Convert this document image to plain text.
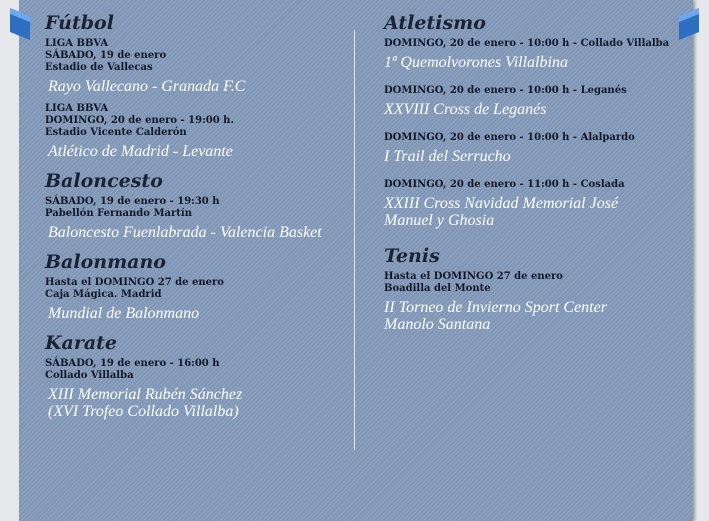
Fútbol
LIGA BBVA
SÁBADO, 19 de enero
Estadio de Vallecas
Rayo Vallecano - Granada F.C
LIGA BBVA
DOMINGO, 20 de enero - 19:00 h.
Estadio Vicente Calderón
Atlético de Madrid - Levante
Baloncesto
SÁBADO, 19 de enero - 19:30 h
Pabellón Fernando Martín
Baloncesto Fuenlabrada - Valencia Basket
Balonmano
Hasta el DOMINGO 27 de enero
Caja Mágica. Madrid
Mundial de Balonmano
Karate
SÁBADO, 19 de enero - 16:00 h
Collado Villalba
XIII Memorial Rubén Sánchez
(XVI Trofeo Collado Villalba)
Atletismo
DOMINGO, 20 de enero - 10:00 h - Collado Villalba
1ª Quemolvorones Villalbina
DOMINGO, 20 de enero - 10:00 h - Leganés
XXVIII Cross de Leganés
DOMINGO, 20 de enero - 10:00 h - Alalpardo
I Trail del Serrucho
DOMINGO, 20 de enero - 11:00 h - Coslada
XXIII Cross Navidad Memorial José
Manuel y Ghosia
Tenis
Hasta el DOMINGO 27 de enero
Boadilla del Monte
II Torneo de Invierno Sport Center
Manolo Santana
